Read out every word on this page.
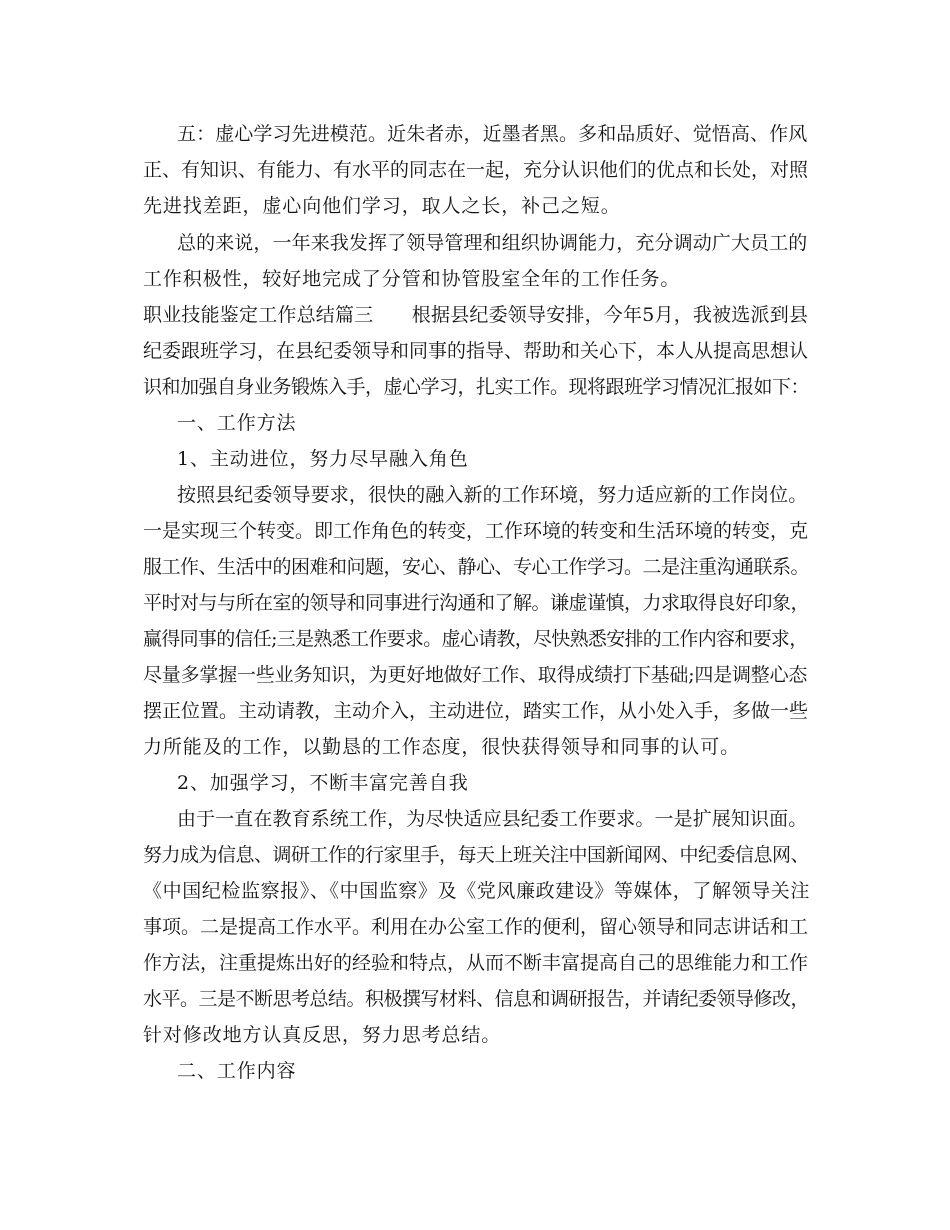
五：虚心学习先进模范。近朱者赤，近墨者黑。多和品质好、觉悟高、作风
正、有知识、有能力、有水平的同志在一起，充分认识他们的优点和长处，对照
先进找差距，虚心向他们学习，取人之长，补己之短。
总的来说，一年来我发挥了领导管理和组织协调能力，充分调动广大员工的
工作积极性，较好地完成了分管和协管股室全年的工作任务。
职业技能鉴定工作总结篇三　　根据县纪委领导安排，今年5月，我被选派到县
纪委跟班学习，在县纪委领导和同事的指导、帮助和关心下，本人从提高思想认
识和加强自身业务锻炼入手，虚心学习，扎实工作。现将跟班学习情况汇报如下：
一、工作方法
1、主动进位，努力尽早融入角色
按照县纪委领导要求，很快的融入新的工作环境，努力适应新的工作岗位。
一是实现三个转变。即工作角色的转变，工作环境的转变和生活环境的转变，克
服工作、生活中的困难和问题，安心、静心、专心工作学习。二是注重沟通联系。
平时对与与所在室的领导和同事进行沟通和了解。谦虚谨慎，力求取得良好印象，
赢得同事的信任;三是熟悉工作要求。虚心请教，尽快熟悉安排的工作内容和要求，
尽量多掌握一些业务知识，为更好地做好工作、取得成绩打下基础;四是调整心态
摆正位置。主动请教，主动介入，主动进位，踏实工作，从小处入手，多做一些
力所能及的工作，以勤恳的工作态度，很快获得领导和同事的认可。
2、加强学习，不断丰富完善自我
由于一直在教育系统工作，为尽快适应县纪委工作要求。一是扩展知识面。
努力成为信息、调研工作的行家里手，每天上班关注中国新闻网、中纪委信息网、
《中国纪检监察报》、《中国监察》及《党风廉政建设》等媒体，了解领导关注
事项。二是提高工作水平。利用在办公室工作的便利，留心领导和同志讲话和工
作方法，注重提炼出好的经验和特点，从而不断丰富提高自己的思维能力和工作
水平。三是不断思考总结。积极撰写材料、信息和调研报告，并请纪委领导修改，
针对修改地方认真反思，努力思考总结。
二、工作内容
